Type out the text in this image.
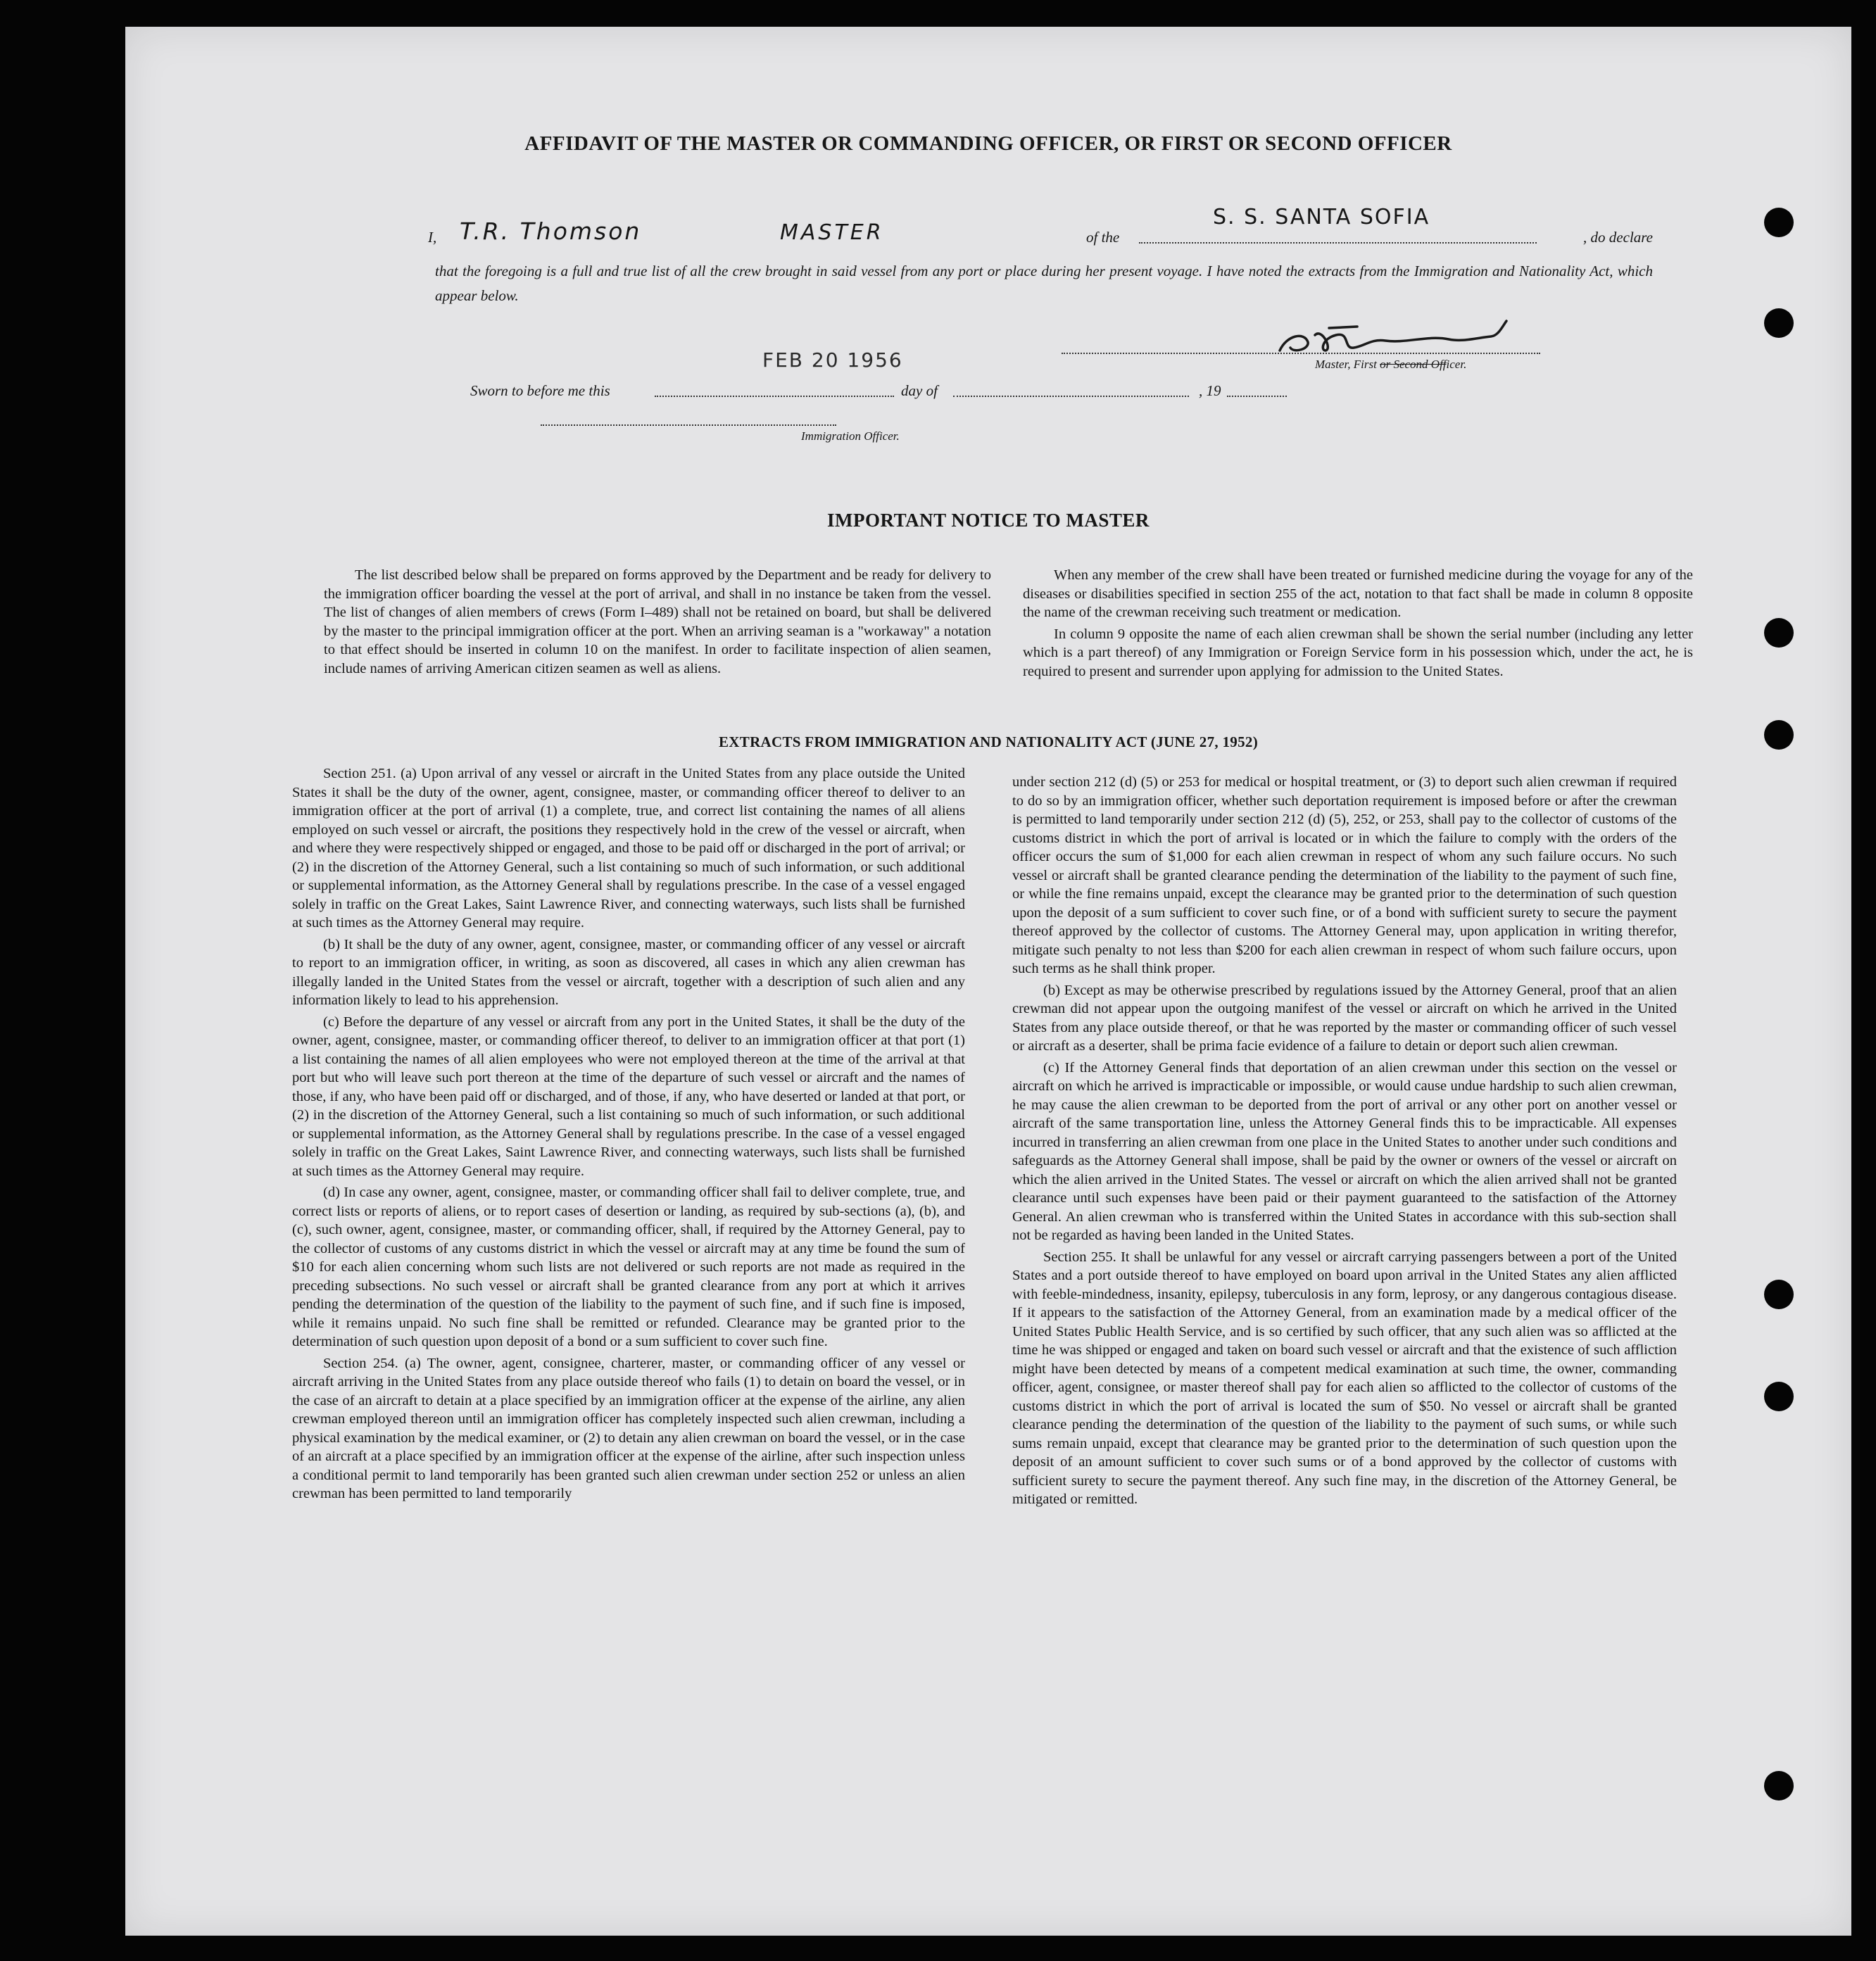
AFFIDAVIT OF THE MASTER OR COMMANDING OFFICER, OR FIRST OR SECOND OFFICER
I, T.R. Thomson	MASTER	of the
S. S. SANTA SOFIA
, do declare
that the foregoing is a full and true list of all the crew brought in said vessel from any port or place during her present voyage. I have noted the extracts from the Immigration and Nationality Act, which appear below.
Master, First or Second Officer.
FEB 20 1956
Sworn to before me this	day of	, 19
Immigration Officer.
IMPORTANT NOTICE TO MASTER

The list described below shall be prepared on forms approved by the Department and be ready for delivery to the immigration officer boarding the vessel at the port of arrival, and shall in no instance be taken from the vessel. The list of changes of alien members of crews (Form I–489) shall not be retained on board, but shall be delivered by the master to the principal immigration officer at the port. When an arriving seaman is a "workaway" a notation to that effect should be inserted in column 10 on the manifest. In order to facilitate inspection of alien seamen, include names of arriving American citizen seamen as well as aliens.

When any member of the crew shall have been treated or furnished medicine during the voyage for any of the diseases or disabilities specified in section 255 of the act, notation to that fact shall be made in column 8 opposite the name of the crewman receiving such treatment or medication.

In column 9 opposite the name of each alien crewman shall be shown the serial number (including any letter which is a part thereof) of any Immigration or Foreign Service form in his possession which, under the act, he is required to present and surrender upon applying for admission to the United States.

EXTRACTS FROM IMMIGRATION AND NATIONALITY ACT (JUNE 27, 1952)

Section 251. (a) Upon arrival of any vessel or aircraft in the United States from any place outside the United States it shall be the duty of the owner, agent, consignee, master, or commanding officer thereof to deliver to an immigration officer at the port of arrival (1) a complete, true, and correct list containing the names of all aliens employed on such vessel or aircraft, the positions they respectively hold in the crew of the vessel or aircraft, when and where they were respectively shipped or engaged, and those to be paid off or discharged in the port of arrival; or (2) in the discretion of the Attorney General, such a list containing so much of such information, or such additional or supplemental information, as the Attorney General shall by regulations prescribe. In the case of a vessel engaged solely in traffic on the Great Lakes, Saint Lawrence River, and connecting waterways, such lists shall be furnished at such times as the Attorney General may require.

(b) It shall be the duty of any owner, agent, consignee, master, or commanding officer of any vessel or aircraft to report to an immigration officer, in writing, as soon as discovered, all cases in which any alien crewman has illegally landed in the United States from the vessel or aircraft, together with a description of such alien and any information likely to lead to his apprehension.

(c) Before the departure of any vessel or aircraft from any port in the United States, it shall be the duty of the owner, agent, consignee, master, or commanding officer thereof, to deliver to an immigration officer at that port (1) a list containing the names of all alien employees who were not employed thereon at the time of the arrival at that port but who will leave such port thereon at the time of the departure of such vessel or aircraft and the names of those, if any, who have been paid off or discharged, and of those, if any, who have deserted or landed at that port, or (2) in the discretion of the Attorney General, such a list containing so much of such information, or such additional or supplemental information, as the Attorney General shall by regulations prescribe. In the case of a vessel engaged solely in traffic on the Great Lakes, Saint Lawrence River, and connecting waterways, such lists shall be furnished at such times as the Attorney General may require.

(d) In case any owner, agent, consignee, master, or commanding officer shall fail to deliver complete, true, and correct lists or reports of aliens, or to report cases of desertion or landing, as required by sub-sections (a), (b), and (c), such owner, agent, consignee, master, or commanding officer, shall, if required by the Attorney General, pay to the collector of customs of any customs district in which the vessel or aircraft may at any time be found the sum of $10 for each alien concerning whom such lists are not delivered or such reports are not made as required in the preceding subsections. No such vessel or aircraft shall be granted clearance from any port at which it arrives pending the determination of the question of the liability to the payment of such fine, and if such fine is imposed, while it remains unpaid. No such fine shall be remitted or refunded. Clearance may be granted prior to the determination of such question upon deposit of a bond or a sum sufficient to cover such fine.

Section 254. (a) The owner, agent, consignee, charterer, master, or commanding officer of any vessel or aircraft arriving in the United States from any place outside thereof who fails (1) to detain on board the vessel, or in the case of an aircraft to detain at a place specified by an immigration officer at the expense of the airline, any alien crewman employed thereon until an immigration officer has completely inspected such alien crewman, including a physical examination by the medical examiner, or (2) to detain any alien crewman on board the vessel, or in the case of an aircraft at a place specified by an immigration officer at the expense of the airline, after such inspection unless a conditional permit to land temporarily has been granted such alien crewman under section 252 or unless an alien crewman has been permitted to land temporarily

under section 212 (d) (5) or 253 for medical or hospital treatment, or (3) to deport such alien crewman if required to do so by an immigration officer, whether such deportation requirement is imposed before or after the crewman is permitted to land temporarily under section 212 (d) (5), 252, or 253, shall pay to the collector of customs of the customs district in which the port of arrival is located or in which the failure to comply with the orders of the officer occurs the sum of $1,000 for each alien crewman in respect of whom any such failure occurs. No such vessel or aircraft shall be granted clearance pending the determination of the liability to the payment of such fine, or while the fine remains unpaid, except the clearance may be granted prior to the determination of such question upon the deposit of a sum sufficient to cover such fine, or of a bond with sufficient surety to secure the payment thereof approved by the collector of customs. The Attorney General may, upon application in writing therefor, mitigate such penalty to not less than $200 for each alien crewman in respect of whom such failure occurs, upon such terms as he shall think proper.

(b) Except as may be otherwise prescribed by regulations issued by the Attorney General, proof that an alien crewman did not appear upon the outgoing manifest of the vessel or aircraft on which he arrived in the United States from any place outside thereof, or that he was reported by the master or commanding officer of such vessel or aircraft as a deserter, shall be prima facie evidence of a failure to detain or deport such alien crewman.

(c) If the Attorney General finds that deportation of an alien crewman under this section on the vessel or aircraft on which he arrived is impracticable or impossible, or would cause undue hardship to such alien crewman, he may cause the alien crewman to be deported from the port of arrival or any other port on another vessel or aircraft of the same transportation line, unless the Attorney General finds this to be impracticable. All expenses incurred in transferring an alien crewman from one place in the United States to another under such conditions and safeguards as the Attorney General shall impose, shall be paid by the owner or owners of the vessel or aircraft on which the alien arrived in the United States. The vessel or aircraft on which the alien arrived shall not be granted clearance until such expenses have been paid or their payment guaranteed to the satisfaction of the Attorney General. An alien crewman who is transferred within the United States in accordance with this sub-section shall not be regarded as having been landed in the United States.

Section 255. It shall be unlawful for any vessel or aircraft carrying passengers between a port of the United States and a port outside thereof to have employed on board upon arrival in the United States any alien afflicted with feeble-mindedness, insanity, epilepsy, tuberculosis in any form, leprosy, or any dangerous contagious disease. If it appears to the satisfaction of the Attorney General, from an examination made by a medical officer of the United States Public Health Service, and is so certified by such officer, that any such alien was so afflicted at the time he was shipped or engaged and taken on board such vessel or aircraft and that the existence of such affliction might have been detected by means of a competent medical examination at such time, the owner, commanding officer, agent, consignee, or master thereof shall pay for each alien so afflicted to the collector of customs of the customs district in which the port of arrival is located the sum of $50. No vessel or aircraft shall be granted clearance pending the determination of the question of the liability to the payment of such sums, or while such sums remain unpaid, except that clearance may be granted prior to the determination of such question upon the deposit of an amount sufficient to cover such sums or of a bond approved by the collector of customs with sufficient surety to secure the payment thereof. Any such fine may, in the discretion of the Attorney General, be mitigated or remitted.
